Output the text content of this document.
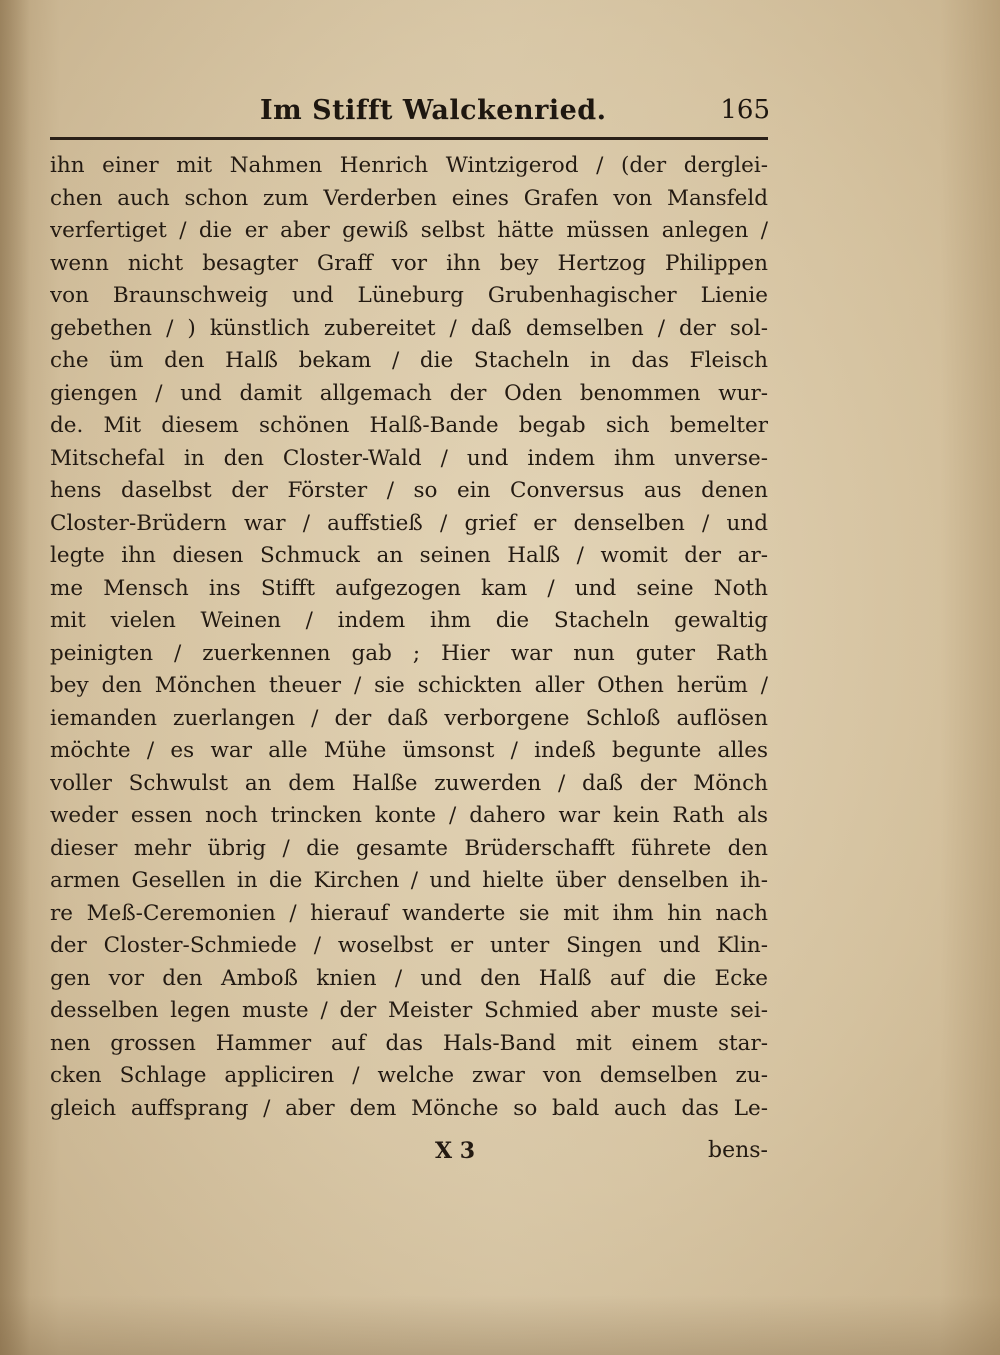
Im Stifft Walckenried.	165
ihn einer mit Nahmen Henrich Wintzigerod / (der derglei-
chen auch schon zum Verderben eines Grafen von Mansfeld
verfertiget / die er aber gewiß selbst hätte müssen anlegen /
wenn nicht besagter Graff vor ihn bey Hertzog Philippen
von Braunschweig und Lüneburg Grubenhagischer Lienie
gebethen / ) künstlich zubereitet / daß demselben / der sol-
che üm den Halß bekam / die Stacheln in das Fleisch
giengen / und damit allgemach der Oden benommen wur-
de. Mit diesem schönen Halß-Bande begab sich bemelter
Mitschefal in den Closter-Wald / und indem ihm unverse-
hens daselbst der Förster / so ein Conversus aus denen
Closter-Brüdern war / auffstieß / grief er denselben / und
legte ihn diesen Schmuck an seinen Halß / womit der ar-
me Mensch ins Stifft aufgezogen kam / und seine Noth
mit vielen Weinen / indem ihm die Stacheln gewaltig
peinigten / zuerkennen gab ; Hier war nun guter Rath
bey den Mönchen theuer / sie schickten aller Othen herüm /
iemanden zuerlangen / der daß verborgene Schloß auflösen
möchte / es war alle Mühe ümsonst / indeß begunte alles
voller Schwulst an dem Halße zuwerden / daß der Mönch
weder essen noch trincken konte / dahero war kein Rath als
dieser mehr übrig / die gesamte Brüderschafft führete den
armen Gesellen in die Kirchen / und hielte über denselben ih-
re Meß-Ceremonien / hierauf wanderte sie mit ihm hin nach
der Closter-Schmiede / woselbst er unter Singen und Klin-
gen vor den Amboß knien / und den Halß auf die Ecke
desselben legen muste / der Meister Schmied aber muste sei-
nen grossen Hammer auf das Hals-Band mit einem star-
cken Schlage appliciren / welche zwar von demselben zu-
gleich auffsprang / aber dem Mönche so bald auch das Le-
X 3	bens-
